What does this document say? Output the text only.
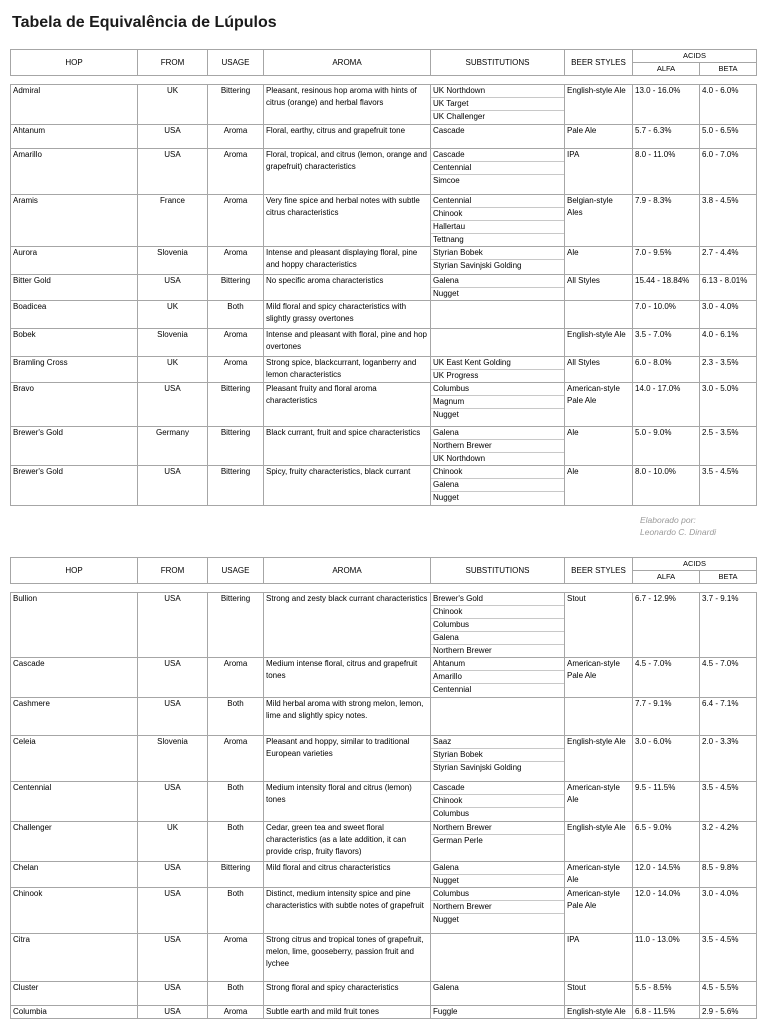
Tabela de Equivalência de Lúpulos
HOP	FROM	USAGE	AROMA	SUBSTITUTIONS	BEER STYLES	ACIDS	
						ALFA	BETA

Admiral	UK	Bittering	Pleasant, resinous hop aroma with hints of citrus (orange) and herbal flavors	UK Northdown
UK Target
UK Challenger	English-style Ale	13.0 - 16.0%	4.0 - 6.0%
Ahtanum	USA	Aroma	Floral, earthy, citrus and grapefruit tone	Cascade	Pale Ale	5.7 - 6.3%	5.0 - 6.5%
Amarillo	USA	Aroma	Floral, tropical, and citrus (lemon, orange and grapefruit) characteristics	Cascade
Centennial
Simcoe	IPA	8.0 - 11.0%	6.0 - 7.0%
Aramis	France	Aroma	Very fine spice and herbal notes with subtle citrus characteristics	Centennial
Chinook
Hallertau
Tettnang	Belgian-style Ales	7.9 - 8.3%	3.8 - 4.5%
Aurora	Slovenia	Aroma	Intense and pleasant displaying floral, pine and hoppy characteristics	Styrian Bobek
Styrian Savinjski Golding	Ale	7.0 - 9.5%	2.7 - 4.4%
Bitter Gold	USA	Bittering	No specific aroma characteristics	Galena
Nugget	All Styles	15.44 - 18.84%	6.13 - 8.01%
Boadicea	UK	Both	Mild floral and spicy characteristics with slightly grassy overtones			7.0 - 10.0%	3.0 - 4.0%
Bobek	Slovenia	Aroma	Intense and pleasant with floral, pine and hop overtones		English-style Ale	3.5 - 7.0%	4.0 - 6.1%
Bramling Cross	UK	Aroma	Strong spice, blackcurrant, loganberry and lemon characteristics	UK East Kent Golding
UK Progress	All Styles	6.0 - 8.0%	2.3 - 3.5%
Bravo	USA	Bittering	Pleasant fruity and floral aroma characteristics	Columbus
Magnum
Nugget	American-style Pale Ale	14.0 - 17.0%	3.0 - 5.0%
Brewer's Gold	Germany	Bittering	Black currant, fruit and spice characteristics	Galena
Northern Brewer
UK Northdown	Ale	5.0 - 9.0%	2.5 - 3.5%
Brewer's Gold	USA	Bittering	Spicy, fruity characteristics, black currant	Chinook
Galena
Nugget	Ale	8.0 - 10.0%	3.5 - 4.5%
Elaborado por:
Leonardo C. Dinardi
HOP	FROM	USAGE	AROMA	SUBSTITUTIONS	BEER STYLES	ACIDS	
						ALFA	BETA

Bullion	USA	Bittering	Strong and zesty black currant characteristics	Brewer's Gold
Chinook
Columbus
Galena
Northern Brewer	Stout	6.7 - 12.9%	3.7 - 9.1%
Cascade	USA	Aroma	Medium intense floral, citrus and grapefruit tones	Ahtanum
Amarillo
Centennial	American-style Pale Ale	4.5 - 7.0%	4.5 - 7.0%
Cashmere	USA	Both	Mild herbal aroma with strong melon, lemon, lime and slightly spicy notes.			7.7 - 9.1%	6.4 - 7.1%
Celeia	Slovenia	Aroma	Pleasant and hoppy, similar to traditional European varieties	Saaz
Styrian Bobek
Styrian Savinjski Golding	English-style Ale	3.0 - 6.0%	2.0 - 3.3%
Centennial	USA	Both	Medium intensity floral and citrus (lemon) tones	Cascade
Chinook
Columbus	American-style Ale	9.5 - 11.5%	3.5 - 4.5%
Challenger	UK	Both	Cedar, green tea and sweet floral characteristics (as a late addition, it can provide crisp, fruity flavors)	Northern Brewer
German Perle	English-style Ale	6.5 - 9.0%	3.2 - 4.2%
Chelan	USA	Bittering	Mild floral and citrus characteristics	Galena
Nugget	American-style Ale	12.0 - 14.5%	8.5 - 9.8%
Chinook	USA	Both	Distinct, medium intensity spice and pine characteristics with subtle notes of grapefruit	Columbus
Northern Brewer
Nugget	American-style Pale Ale	12.0 - 14.0%	3.0 - 4.0%
Citra	USA	Aroma	Strong citrus and tropical tones of grapefruit, melon, lime, gooseberry, passion fruit and lychee		IPA	11.0 - 13.0%	3.5 - 4.5%
Cluster	USA	Both	Strong floral and spicy characteristics	Galena	Stout	5.5 - 8.5%	4.5 - 5.5%
Columbia	USA	Aroma	Subtle earth and mild fruit tones	Fuggle	English-style Ale	6.8 - 11.5%	2.9 - 5.6%
